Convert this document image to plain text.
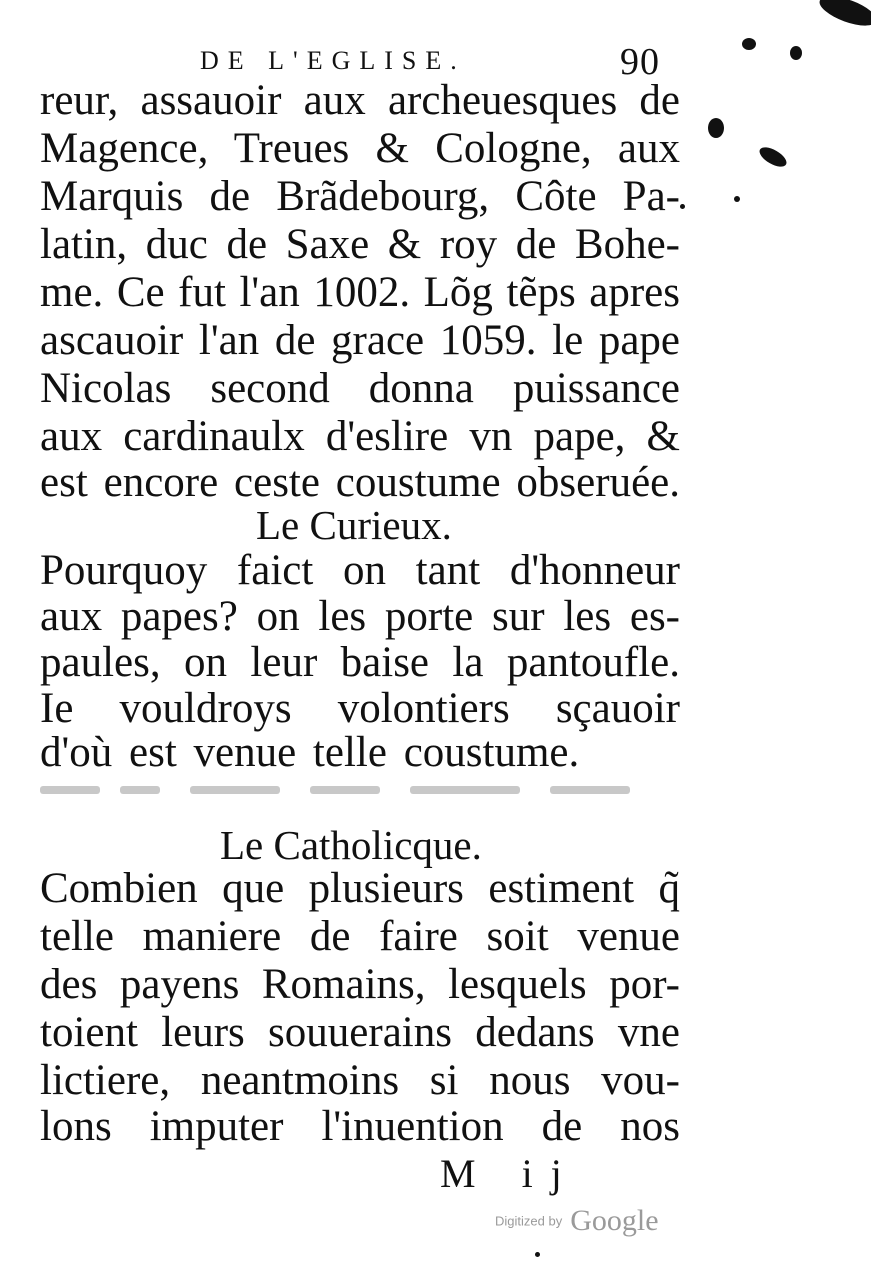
DE L'EGLISE.	90
reur, assauoir aux archeuesques de
Magence, Treues & Cologne, aux
Marquis de Brãdebourg, Côte Pa-
latin, duc de Saxe & roy de Bohe-
me. Ce fut l'an 1002. Lõg tẽps apres
ascauoir l'an de grace 1059. le pape
Nicolas second donna puissance
aux cardinaulx d'eslire vn pape, &
est encore ceste coustume obseruée.
Le Curieux.
Pourquoy faict on tant d'honneur
aux papes? on les porte sur les es-
paules, on leur baise la pantoufle.
Ie vouldroys volontiers sçauoir
d'où est venue telle coustume.
Le Catholicque.
Combien que plusieurs estiment q̃
telle maniere de faire soit venue
des payens Romains, lesquels por-
toient leurs souuerains dedans vne
lictiere, neantmoins si nous vou-
lons imputer l'inuention de nos
M ij
Digitized by Google
